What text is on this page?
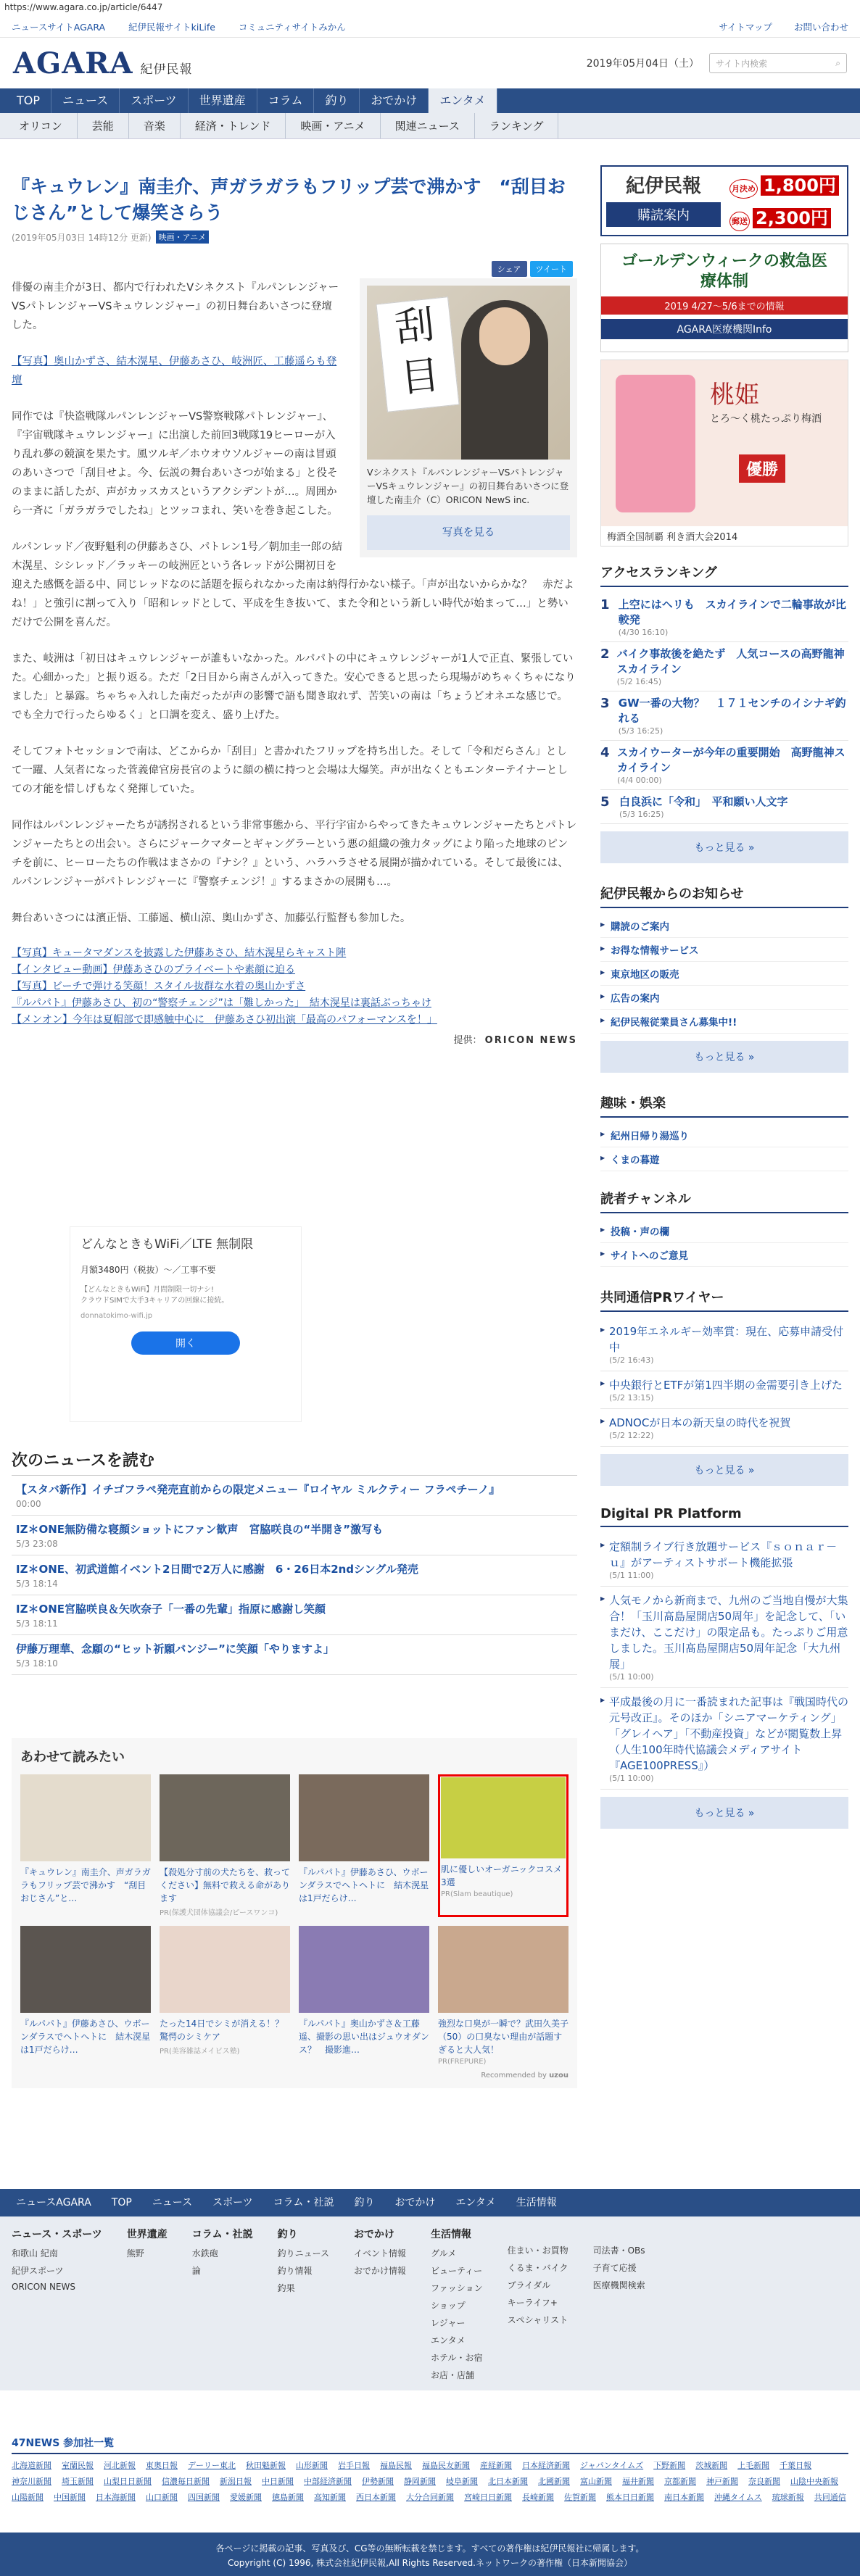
https://www.agara.co.jp/article/6447
ニュースサイトAGARA	紀伊民報サイトkiLife	コミュニティサイトみかん	サイトマップ お問い合わせ
AGARA 紀伊民報	2019年05月04日（土） サイト内検索	⌕
TOP	ニュース	スポーツ	世界遺産	コラム	釣り	おでかけ	エンタメ
オリコン	芸能	音楽	経済・トレンド	映画・アニメ	関連ニュース	ランキング
『キュウレン』南圭介、声ガラガラもフリップ芸で沸かす　“刮目おじさん”として爆笑さらう
(2019年05月03日 14時12分 更新) 映画・アニメ
シェア	ツイート
刮目
Vシネクスト『ルパンレンジャーVSパトレンジャーVSキュウレンジャー』の初日舞台あいさつに登壇した南圭介（C）ORICON NewS inc.
写真を見る

俳優の南圭介が3日、都内で行われたVシネクスト『ルパンレンジャーVSパトレンジャーVSキュウレンジャー』の初日舞台あいさつに登壇した。

【写真】奥山かずさ、結木滉星、伊藤あさひ、岐洲匠、工藤遥らも登壇

同作では『快盗戦隊ルパンレンジャーVS警察戦隊パトレンジャー』、『宇宙戦隊キュウレンジャー』に出演した前回3戦隊19ヒーローが入り乱れ夢の競演を果たす。風ツルギ／ホウオウソルジャーの南は冒頭のあいさつで「刮目せよ。今、伝説の舞台あいさつが始まる」と役そのままに話したが、声がカッスカスというアクシデントが…。周囲から一斉に「ガラガラでしたね」とツッコまれ、笑いを巻き起こした。

ルパンレッド／夜野魁利の伊藤あさひ、パトレン1号／朝加圭一郎の結木滉星、シシレッド／ラッキーの岐洲匠という各レッドが公開初日を迎えた感慨を語る中、同じレッドなのに話題を振られなかった南は納得行かない様子。「声が出ないからかな？　赤だよね！」と強引に割って入り「昭和レッドとして、平成を生き抜いて、また令和という新しい時代が始まって…」と勢いだけで公開を喜んだ。

また、岐洲は「初日はキュウレンジャーが誰もいなかった。ルパパトの中にキュウレンジャーが1人で正直、緊張していた。心細かった」と振り返る。ただ「2日目から南さんが入ってきた。安心できると思ったら現場がめちゃくちゃになりました」と暴露。ちゃちゃ入れした南だったが声の影響で語も聞き取れず、苦笑いの南は「ちょうどオネエな感じで。でも全力で行ったらゆるく」と口調を変え、盛り上げた。

そしてフォトセッションで南は、どこからか「刮目」と書かれたフリップを持ち出した。そして「令和だらさん」として一躍、人気者になった菅義偉官房長官のように顔の横に持つと会場は大爆笑。声が出なくともエンターテイナーとしての才能を惜しげもなく発揮していた。

同作はルパンレンジャーたちが誘拐されるという非常事態から、平行宇宙からやってきたキュウレンジャーたちとパトレンジャーたちとの出会い。さらにジャークマターとギャングラーという悪の組織の強力タッグにより陥った地球のピンチを前に、ヒーローたちの作戦はまさかの『ナシ？』という、ハラハラさせる展開が描かれている。そして最後には、ルパンレンジャーがパトレンジャーに『警察チェンジ！』するまさかの展開も…。

舞台あいさつには濱正悟、工藤遥、横山涼、奥山かずさ、加藤弘行監督も参加した。

【写真】キュータマダンスを披露した伊藤あさひ、結木滉星らキャスト陣
【インタビュー動画】伊藤あさひのプライベートや素顔に迫る
【写真】ビーチで弾ける笑顔！スタイル抜群な水着の奥山かずさ
『ルパパト』伊藤あさひ、初の“警察チェンジ”は「難しかった」　結木滉星は裏話ぶっちゃけ
【メンオン】今年は夏帽部で即感触中心に　伊藤あさひ初出演「最高のパフォーマンスを！」
提供： ORICON NEWS
どんなときもWiFi／LTE 無制限
月額3480円（税抜）〜／工事不要
【どんなときもWiFi】月間制限一切ナシ!
クラウドSIMで大手3キャリアの回線に接続。
donnatokimo-wifi.jp
開く
次のニュースを読む
【スタバ新作】イチゴフラペ発売直前からの限定メニュー『ロイヤル ミルクティー フラペチーノ』
00:00
IZ＊ONE無防備な寝顔ショットにファン歓声　宮脇咲良の“半開き”激写も
5/3 23:08
IZ＊ONE、初武道館イベント2日間で2万人に感謝　6・26日本2ndシングル発売
5/3 18:14
IZ＊ONE宮脇咲良＆矢吹奈子「一番の先輩」指原に感謝し笑顔
5/3 18:11
伊藤万理華、念願の“ヒット祈願バンジー”に笑顔「やりますよ」
5/3 18:10
あわせて読みたい
『キュウレン』南圭介、声ガラガラもフリップ芸で沸かす　“刮目おじさん”と…
【殺処分寸前の犬たちを、救ってください】無料で救える命があります
PR(保護犬団体協議会/ピースワンコ)
『ルパパト』伊藤あさひ、ウボーンダラスでヘトヘトに　結木滉星は1戸だらけ…
肌に優しいオーガニックコスメ3選
PR(Slam beautique)
『ルパパト』伊藤あさひ、ウボーンダラスでヘトヘトに　結木滉星は1戸だらけ…
たった14日でシミが消える！？驚愕のシミケア
PR(美容雑誌メイビス塾)
『ルパパト』奥山かずさ＆工藤遥、撮影の思い出はジュウオダンス？　撮影進…
強烈な口臭が一瞬で？武田久美子（50）の口臭ない理由が話題すぎると大人気！
PR(FREPURE)
Recommended by uzou
紀伊民報
購読案内
月決め 1,800円
郵送 2,300円
ゴールデンウィークの救急医療体制
2019 4/27〜5/6までの情報
AGARA医療機関Info
桃姫
とろ〜く桃たっぷり梅酒
優勝
梅酒全国制覇 利き酒大会2014
アクセスランキング
1 上空にはヘリも　スカイラインで二輪事故が比較発
(4/30 16:10)
2 バイク事故後を絶たず　人気コースの高野龍神スカイライン
(5/2 16:45)
3 GW一番の大物？　１７１センチのイシナギ釣れる
(5/3 16:25)
4 スカイウーターが今年の重要開始　高野龍神スカイライン
(4/4 00:00)
5 白良浜に「令和」　平和願い人文字
(5/3 16:25)
もっと見る »
紀伊民報からのお知らせ
▶ 購読のご案内
▶ お得な情報サービス
▶ 東京地区の販売
▶ 広告の案内
▶ 紀伊民報従業員さん募集中!!
もっと見る »
趣味・娯楽
▶ 紀州日帰り湯巡り
▶ くまの暮遊
読者チャンネル
▶ 投稿・声の欄
▶ サイトへのご意見
共同通信PRワイヤー
▶ 2019年エネルギー効率賞：現在、応募申請受付中
(5/2 16:43)
▶ 中央銀行とETFが第1四半期の金需要引き上げた
(5/2 13:15)
▶ ADNOCが日本の新天皇の時代を祝賀
(5/2 12:22)
もっと見る »
Digital PR Platform
▶ 定額制ライブ行き放題サービス『ｓｏｎａｒ－ｕ』がアーティストサポート機能拡張
(5/1 11:00)
▶ 人気モノから新商まで、九州のご当地自慢が大集合！「玉川髙島屋開店50周年」を記念して、「いまだけ、ここだけ」の限定品も。たっぷりご用意しました。玉川髙島屋開店50周年記念「大九州展」
(5/1 10:00)
▶ 平成最後の月に一番読まれた記事は『戦国時代の元号改正』。そのほか「シニアマーケティング」「グレイヘア」「不動産投資」などが閲覧数上昇（人生100年時代協議会メディアサイト『AGE100PRESS』）
(5/1 10:00)
もっと見る »
ニュースAGARA	TOP	ニュース	スポーツ	コラム・社説	釣り	おでかけ	エンタメ	生活情報
ニュース・スポーツ
和歌山 紀南
紀伊スポーツ
ORICON NEWS
世界遺産
熊野
コラム・社説
水鉄砲
論
釣り
釣りニュース
釣り情報
釣果
おでかけ
イベント情報
おでかけ情報
生活情報
グルメ
ビューティー
ファッション
ショップ
レジャー
エンタメ
ホテル・お宿
お店・店舗
住まい・お買物
くるま・バイク
ブライダル
キーライフ+
スペシャリスト
司法書・OBs
子育て応援
医療機関検索
47NEWS 参加社一覧
北海道新聞 室蘭民報 河北新報 東奥日報 デーリー東北 秋田魁新報 山形新聞 岩手日報 福島民報 福島民友新聞 産経新聞 日本経済新聞 ジャパンタイムズ 下野新聞 茨城新聞 上毛新聞 千葉日報
神奈川新聞 埼玉新聞 山梨日日新聞 信濃毎日新聞 新潟日報 中日新聞 中部経済新聞 伊勢新聞 静岡新聞 岐阜新聞 北日本新聞 北國新聞 富山新聞 福井新聞 京都新聞 神戸新聞 奈良新聞 山陰中央新報
山陽新聞 中国新聞 日本海新聞 山口新聞 四国新聞 愛媛新聞 徳島新聞 高知新聞 西日本新聞 大分合同新聞 宮崎日日新聞 長崎新聞 佐賀新聞 熊本日日新聞 南日本新聞 沖縄タイムス 琉球新報 共同通信
各ページに掲載の記事、写真及び、CG等の無断転載を禁じます。すべての著作権は紀伊民報社に帰属します。
Copyright (C) 1996, 株式会社紀伊民報,All Rights Reserved.ネットワークの著作権（日本新聞協会）
